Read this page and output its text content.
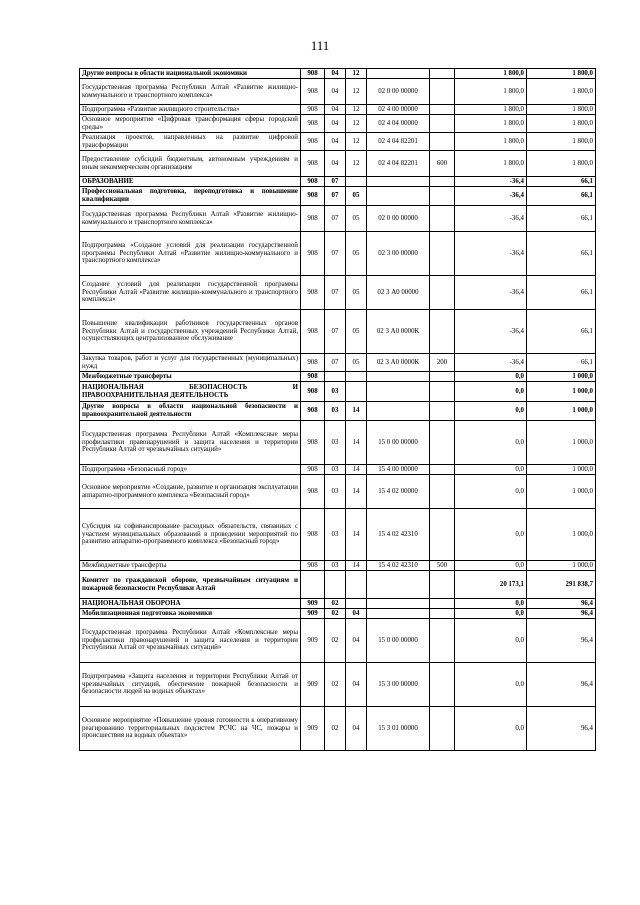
111
Другие вопросы в области национальной экономики	908	04	12			1 800,0	1 800,0
Государственная программа Республики Алтай «Развитие жилищно-коммунального и транспортного комплекса»	908	04	12	02 0 00 00000		1 800,0	1 800,0
Подпрограмма «Развитие жилищного строительства»	908	04	12	02 4 00 00000		1 800,0	1 800,0
Основное мероприятие «Цифровая трансформация сферы городской среды»	908	04	12	02 4 04 00000		1 800,0	1 800,0
Реализация проектов, направленных на развитие цифровой трансформации	908	04	12	02 4 04 82201		1 800,0	1 800,0
Предоставление субсидий бюджетным, автономным учреждениям и иным некоммерческим организациям	908	04	12	02 4 04 82201	600	1 800,0	1 800,0
ОБРАЗОВАНИЕ	908	07				-36,4	66,1
Профессиональная подготовка, переподготовка и повышение квалификации	908	07	05			-36,4	66,1
Государственная программа Республики Алтай «Развитие жилищно-коммунального и транспортного комплекса»	908	07	05	02 0 00 00000		-36,4	66,1
Подпрограмма «Создание условий для реализации государственной программы Республики Алтай «Развитие жилищно-коммунального и транспортного комплекса»	908	07	05	02 3 00 00000		-36,4	66,1
Создание условий для реализации государственной программы Республики Алтай «Развитие жилищно-коммунального и транспортного комплекса»	908	07	05	02 3 А0 00000		-36,4	66,1
Повышение квалификации работников государственных органов Республики Алтай и государственных учреждений Республики Алтай, осуществляющих централизованное обслуживание	908	07	05	02 3 А0 0000К		-36,4	66,1
Закупка товаров, работ и услуг для государственных (муниципальных) нужд	908	07	05	02 3 А0 0000К	200	-36,4	66,1
Межбюджетные трансферты	908					0,0	1 000,0
НАЦИОНАЛЬНАЯ БЕЗОПАСНОСТЬ И ПРАВООХРАНИТЕЛЬНАЯ ДЕЯТЕЛЬНОСТЬ	908	03				0,0	1 000,0
Другие вопросы в области национальной безопасности и правоохранительной деятельности	908	03	14			0,0	1 000,0
Государственная программа Республики Алтай «Комплексные меры профилактики правонарушений и защита населения и территории Республики Алтай от чрезвычайных ситуаций»	908	03	14	15 0 00 00000		0,0	1 000,0
Подпрограмма «Безопасный город»	908	03	14	15 4 00 00000		0,0	1 000,0
Основное мероприятие «Создание, развитие и организация эксплуатации аппаратно-программного комплекса «Безопасный город»	908	03	14	15 4 02 00000		0,0	1 000,0
Субсидия на софинансирование расходных обязательств, связанных с участием муниципальных образований в проведении мероприятий по развитию аппаратно-программного комплекса «Безопасный город»	908	03	14	15 4 02 42310		0,0	1 000,0
Межбюджетные трансферты	908	03	14	15 4 02 42310	500	0,0	1 000,0
Комитет по гражданской обороне, чрезвычайным ситуациям и пожарной безопасности Республики Алтай						20 173,1	291 838,7
НАЦИОНАЛЬНАЯ ОБОРОНА	909	02				0,0	96,4
Мобилизационная подготовка экономики	909	02	04			0,0	96,4
Государственная программа Республики Алтай «Комплексные меры профилактики правонарушений и защита населения и территории Республики Алтай от чрезвычайных ситуаций»	909	02	04	15 0 00 00000		0,0	96,4
Подпрограмма «Защита населения и территории Республики Алтай от чрезвычайных ситуаций, обеспечение пожарной безопасности и безопасности людей на водных объектах»	909	02	04	15 3 00 00000		0,0	96,4
Основное мероприятие «Повышение уровня готовности к оперативному реагированию территориальных подсистем РСЧС на ЧС, пожары и происшествия на водных объектах»	909	02	04	15 3 01 00000		0,0	96,4
